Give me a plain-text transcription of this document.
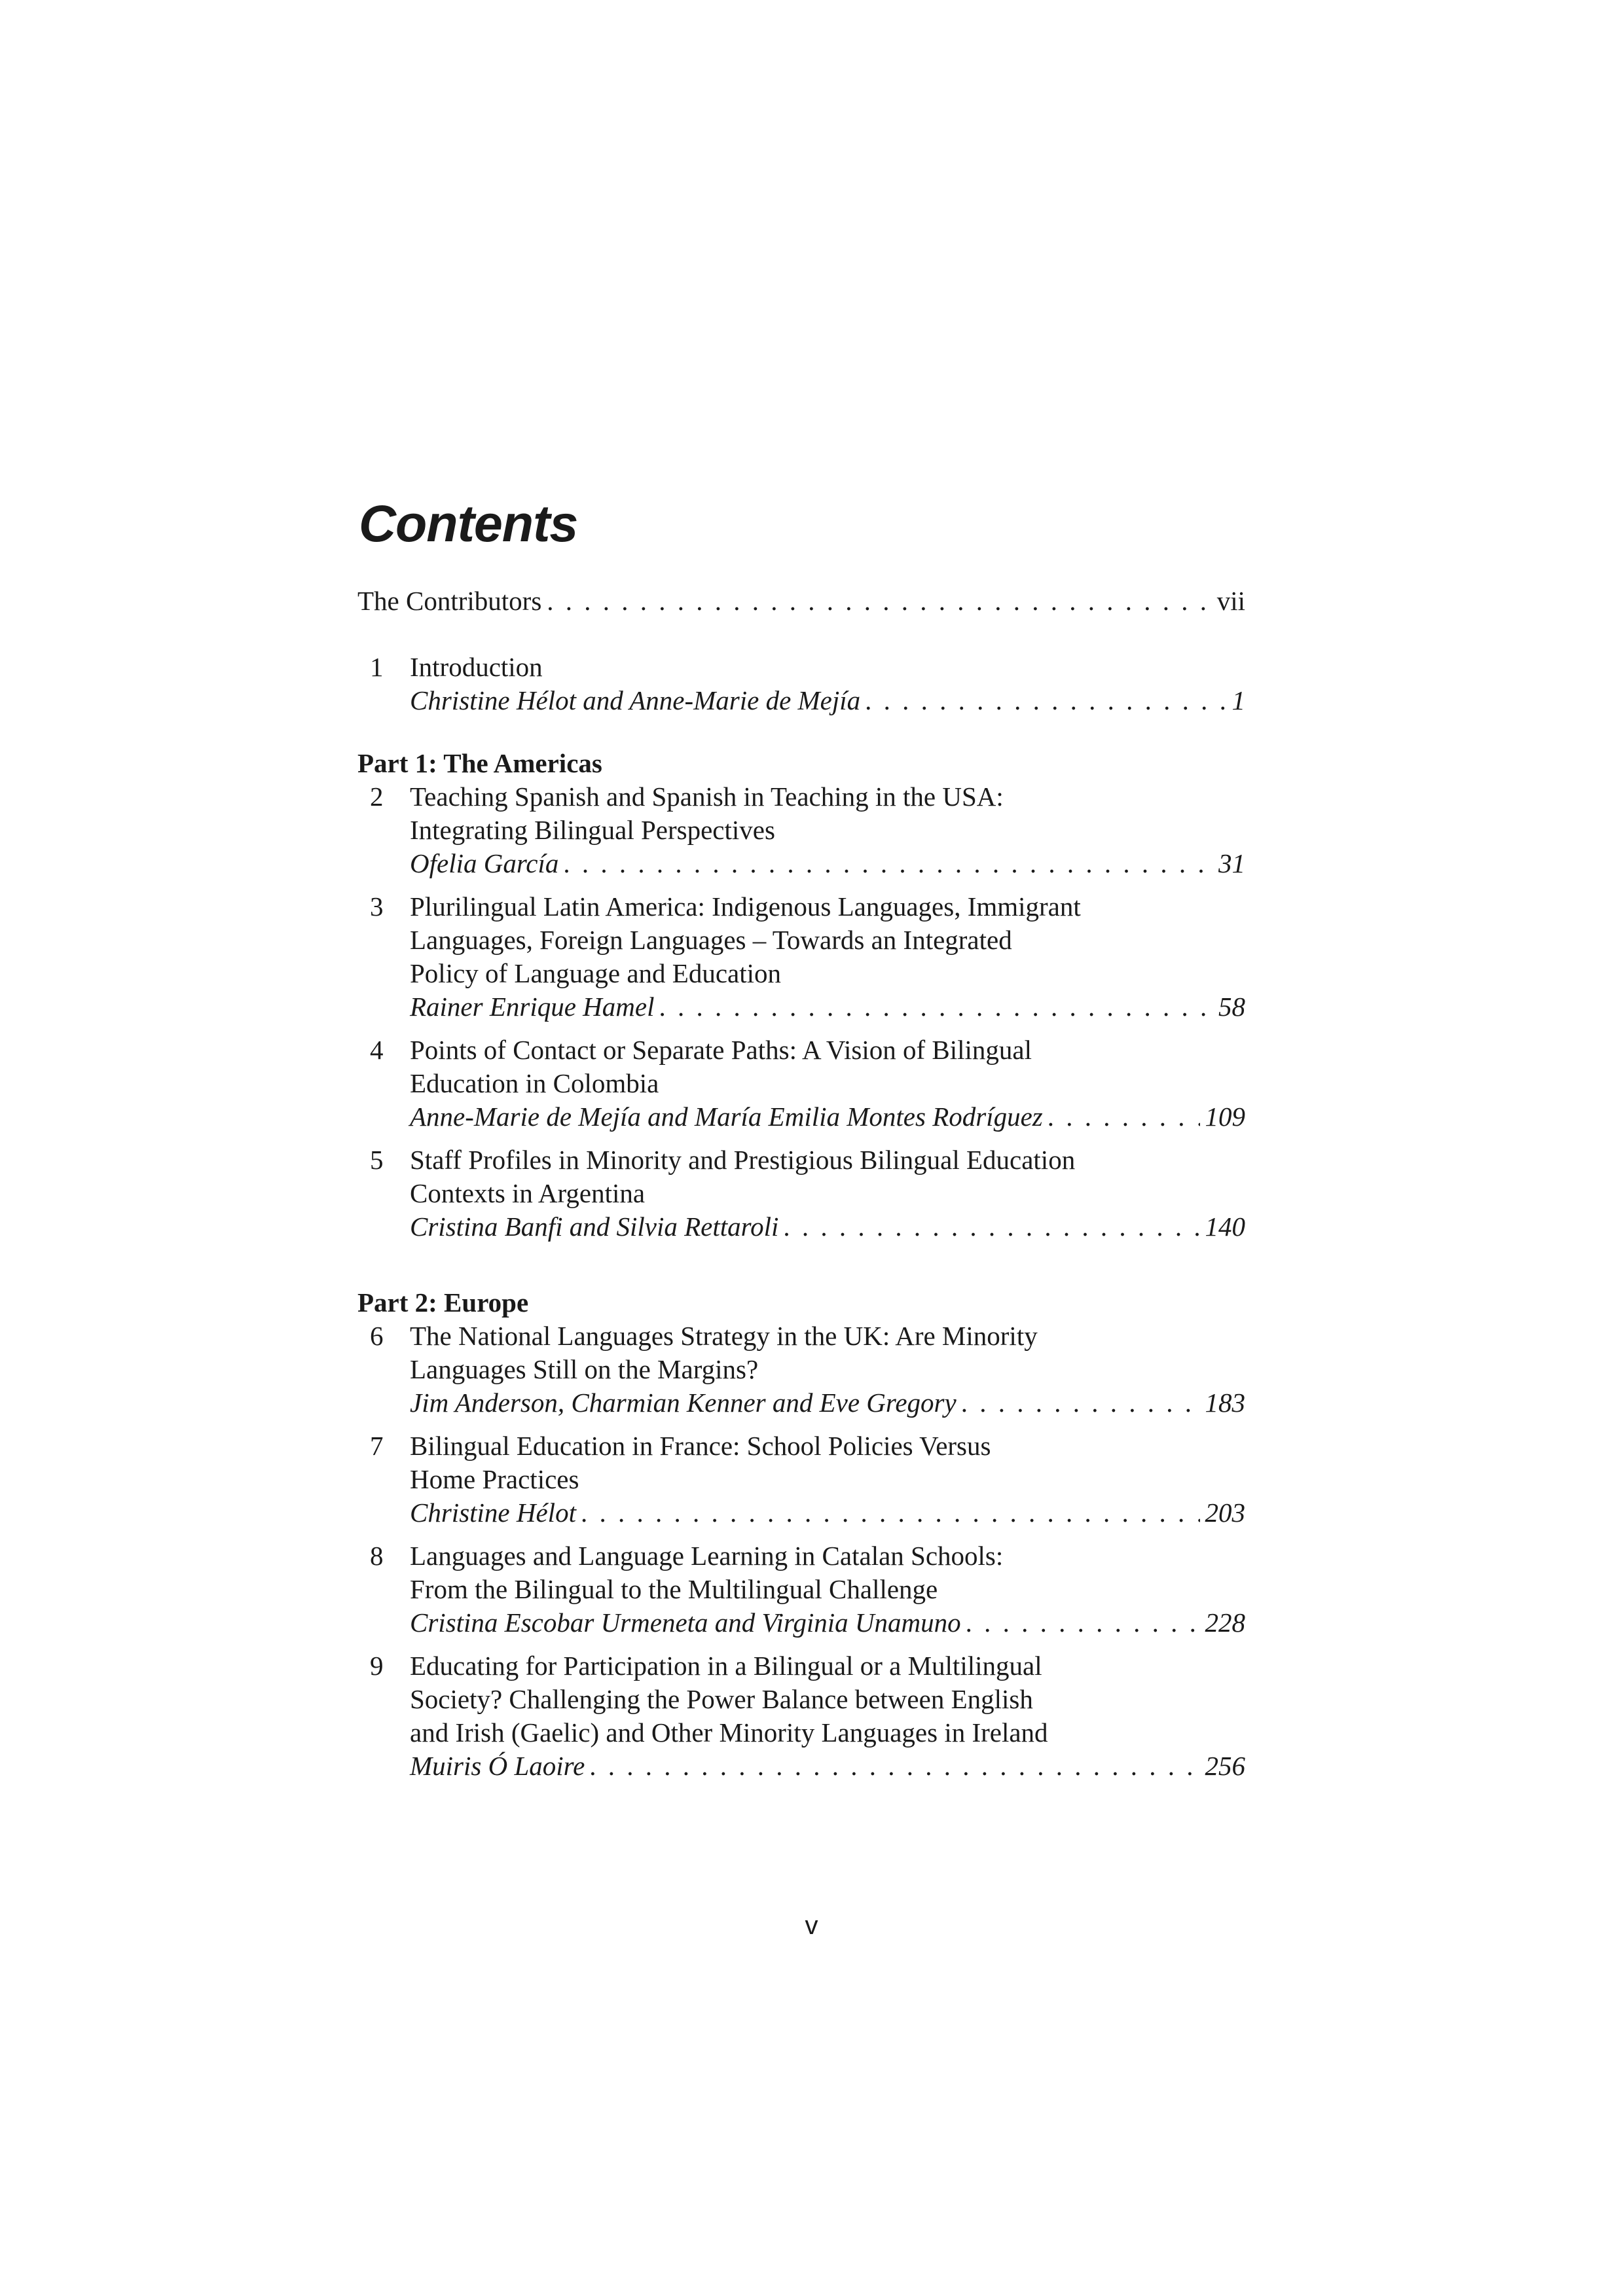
Contents
The Contributors . . .	vii
1 Introduction
Christine Hélot and Anne-Marie de Mejía . . .	1
Part 1: The Americas
2 Teaching Spanish and Spanish in Teaching in the USA:
Integrating Bilingual Perspectives
Ofelia García . . .	31
3 Plurilingual Latin America: Indigenous Languages, Immigrant
Languages, Foreign Languages – Towards an Integrated
Policy of Language and Education
Rainer Enrique Hamel . . .	58
4 Points of Contact or Separate Paths: A Vision of Bilingual
Education in Colombia
Anne-Marie de Mejía and María Emilia Montes Rodríguez . . .	109
5 Staff Profiles in Minority and Prestigious Bilingual Education
Contexts in Argentina
Cristina Banfi and Silvia Rettaroli . . .	140
Part 2: Europe
6 The National Languages Strategy in the UK: Are Minority
Languages Still on the Margins?
Jim Anderson, Charmian Kenner and Eve Gregory . . .	183
7 Bilingual Education in France: School Policies Versus
Home Practices
Christine Hélot . . .	203
8 Languages and Language Learning in Catalan Schools:
From the Bilingual to the Multilingual Challenge
Cristina Escobar Urmeneta and Virginia Unamuno . . .	228
9 Educating for Participation in a Bilingual or a Multilingual
Society? Challenging the Power Balance between English
and Irish (Gaelic) and Other Minority Languages in Ireland
Muiris Ó Laoire . . .	256
v
